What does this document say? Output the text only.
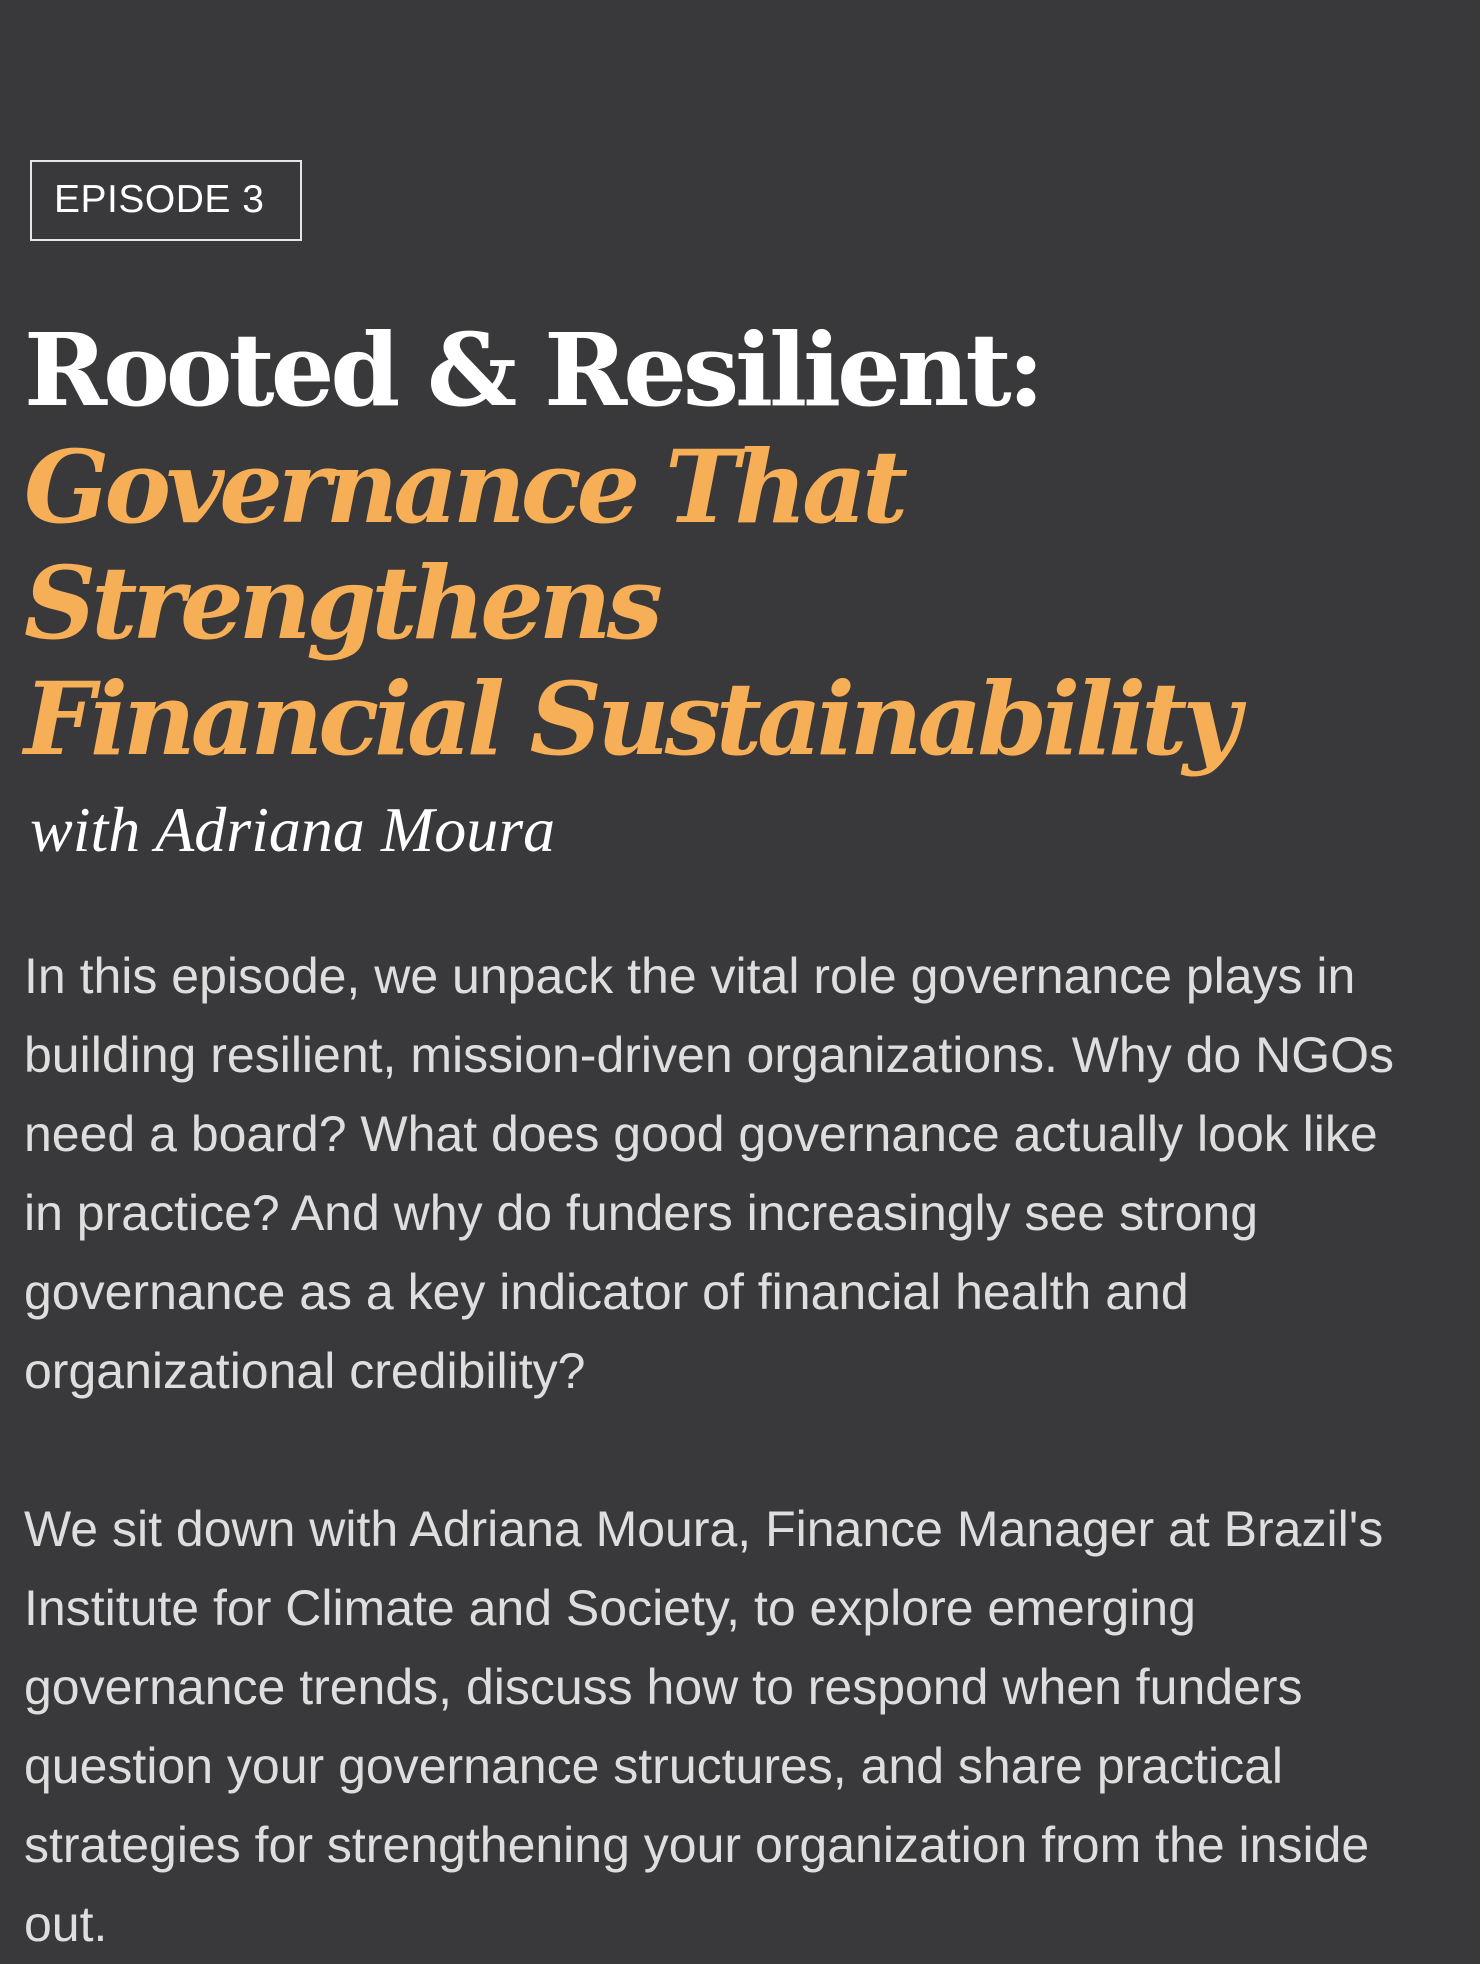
EPISODE 3
Rooted & Resilient:
Governance That Strengthens
Financial Sustainability
with Adriana Moura

In this episode, we unpack the vital role governance plays in building resilient, mission-driven organizations. Why do NGOs need a board? What does good governance actually look like in practice? And why do funders increasingly see strong governance as a key indicator of financial health and organizational credibility?

We sit down with Adriana Moura, Finance Manager at Brazil's Institute for Climate and Society, to explore emerging governance trends, discuss how to respond when funders question your governance structures, and share practical strategies for strengthening your organization from the inside out.
